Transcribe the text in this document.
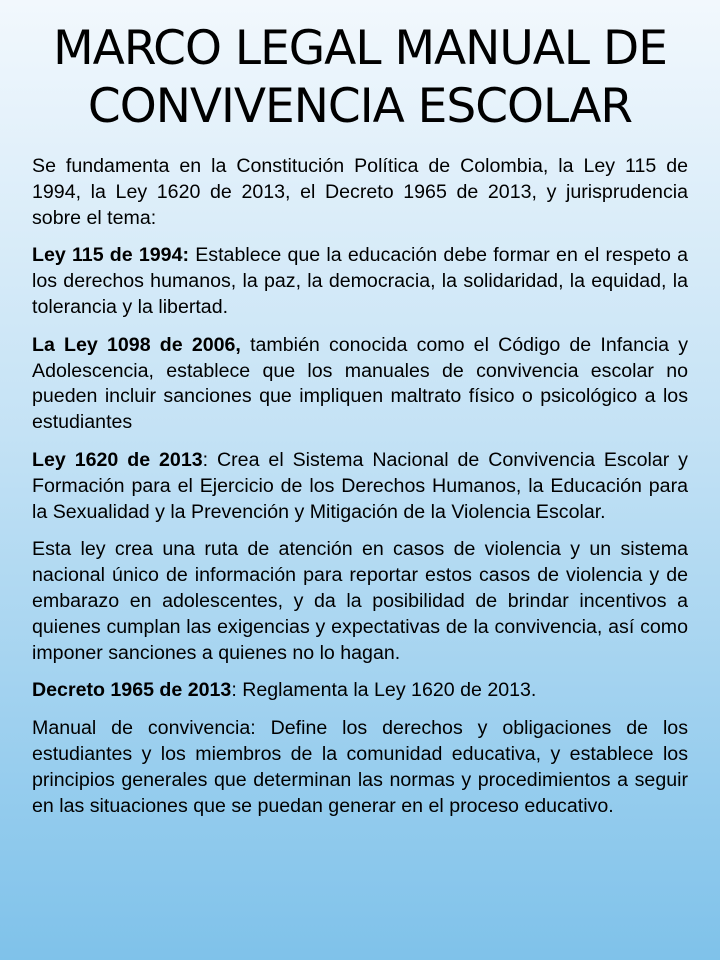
MARCO LEGAL MANUAL DE
CONVIVENCIA ESCOLAR

Se fundamenta en la Constitución Política de Colombia, la Ley 115 de 1994, la Ley 1620 de 2013, el Decreto 1965 de 2013, y jurisprudencia sobre el tema:

Ley 115 de 1994: Establece que la educación debe formar en el respeto a los derechos humanos, la paz, la democracia, la solidaridad, la equidad, la tolerancia y la libertad.

La Ley 1098 de 2006, también conocida como el Código de Infancia y Adolescencia, establece que los manuales de convivencia escolar no pueden incluir sanciones que impliquen maltrato físico o psicológico a los estudiantes

Ley 1620 de 2013: Crea el Sistema Nacional de Convivencia Escolar y Formación para el Ejercicio de los Derechos Humanos, la Educación para la Sexualidad y la Prevención y Mitigación de la Violencia Escolar.

Esta ley crea una ruta de atención en casos de violencia y un sistema nacional único de información para reportar estos casos de violencia y de embarazo en adolescentes, y da la posibilidad de brindar incentivos a quienes cumplan las exigencias y expectativas de la convivencia, así como imponer sanciones a quienes no lo hagan.

Decreto 1965 de 2013: Reglamenta la Ley 1620 de 2013.

Manual de convivencia: Define los derechos y obligaciones de los estudiantes y los miembros de la comunidad educativa, y establece los principios generales que determinan las normas y procedimientos a seguir en las situaciones que se puedan generar en el proceso educativo.
